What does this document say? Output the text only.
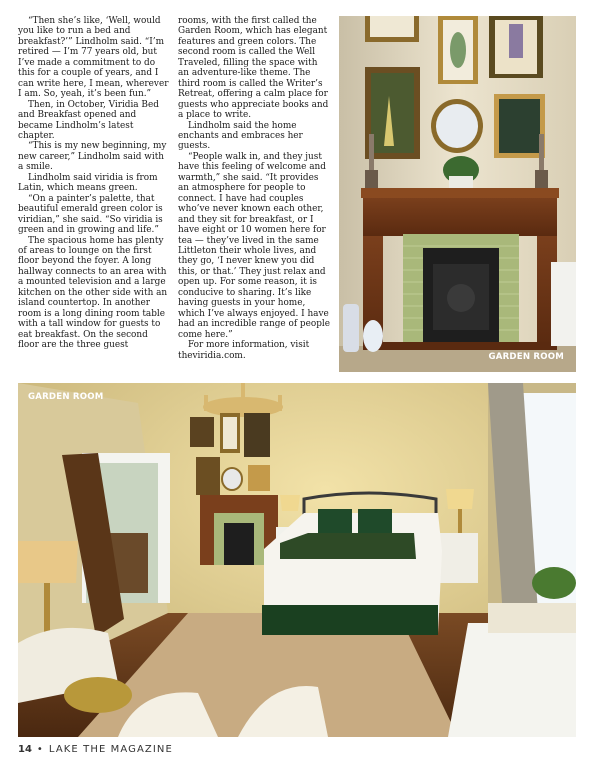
“Then she’s like, ‘Well, would you like to run a bed and breakfast?’” Lindholm said. “I’m retired — I’m 77 years old, but I’ve made a commitment to do this for a couple of years, and I can write here, I mean, wherever I am. So, yeah, it’s been fun.”

Then, in October, Viridia Bed and Breakfast opened and became Lindholm’s latest chapter.

“This is my new beginning, my new career,” Lindholm said with a smile.

Lindholm said viridia is from Latin, which means green.

“On a painter’s palette, that beautiful emerald green color is viridian,” she said. “So viridia is green and in growing and life.”

The spacious home has plenty of areas to lounge on the first floor beyond the foyer. A long hallway connects to an area with a mounted television and a large kitchen on the other side with an island countertop. In another room is a long dining room table with a tall window for guests to eat breakfast. On the second floor are the three guest

rooms, with the first called the Garden Room, which has elegant features and green colors. The second room is called the Well Traveled, filling the space with an adventure-like theme. The third room is called the Writer’s Retreat, offering a calm place for guests who appreciate books and a place to write.

Lindholm said the home enchants and embraces her guests.

“People walk in, and they just have this feeling of welcome and warmth,” she said. “It provides an atmosphere for people to connect. I have had couples who’ve never known each other, and they sit for breakfast, or I have eight or 10 women here for tea — they’ve lived in the same Littleton their whole lives, and they go, ‘I never knew you did this, or that.’ They just relax and open up. For some reason, it is conducive to sharing. It’s like having guests in your home, which I’ve always enjoyed. I have had an incredible range of people come here.”

For more information, visit theviridia.com.	GARDEN ROOM
GARDEN ROOM
14 • LAKE THE MAGAZINE
